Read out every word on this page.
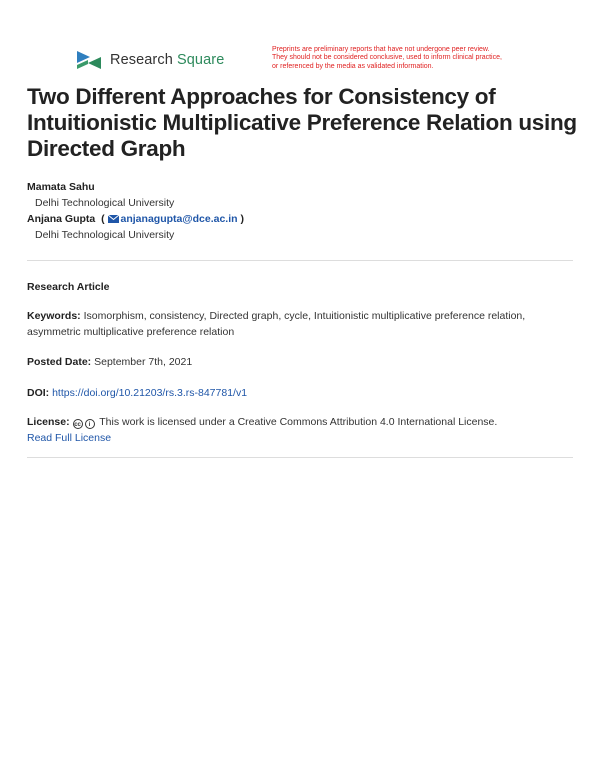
Research Square
Preprints are preliminary reports that have not undergone peer review.
They should not be considered conclusive, used to inform clinical practice,
or referenced by the media as validated information.
Two Different Approaches for Consistency of Intuitionistic Multiplicative Preference Relation using Directed Graph
Mamata Sahu
Delhi Technological University
Anjana Gupta  ( anjanagupta@dce.ac.in )
Delhi Technological University
Research Article
Keywords: Isomorphism, consistency, Directed graph, cycle, Intuitionistic multiplicative preference relation, asymmetric multiplicative preference relation
Posted Date: September 7th, 2021
DOI: https://doi.org/10.21203/rs.3.rs-847781/v1
License: cc i This work is licensed under a Creative Commons Attribution 4.0 International License.
Read Full License
